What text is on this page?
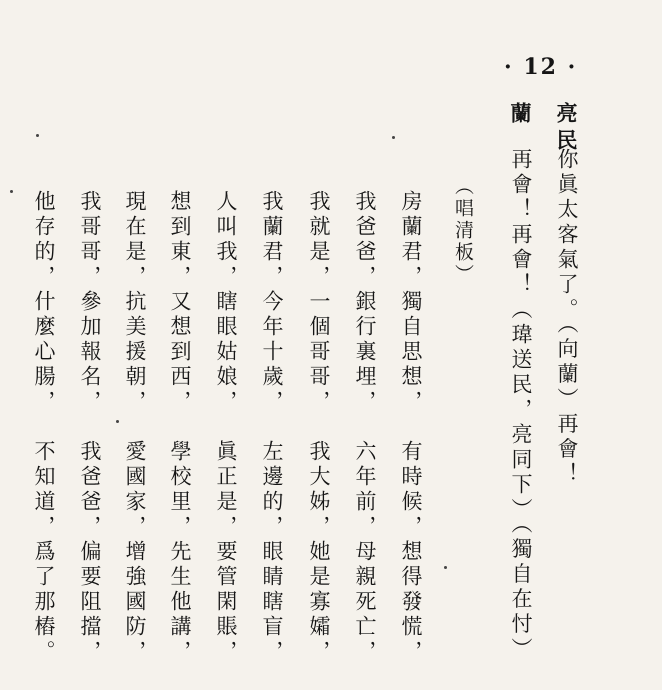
· 12 ·
亮民
你眞太客氣了。（向蘭）再會！
蘭
再會！再會！（瑋送民，亮同下）（獨自在忖）
（唱清板）
房蘭君，獨自思想，
有時候，想得發慌，
我爸爸，銀行裏埋，
六年前，母親死亡，
我就是，一個哥哥，
我大姊，她是寡孀，
我蘭君，今年十歲，
左邊的，眼睛瞎盲，
人叫我，瞎眼姑娘，
眞正是，要管閑賬，
想到東，又想到西，
學校里，先生他講，
現在是，抗美援朝，
愛國家，增強國防，
我哥哥，參加報名，
我爸爸，偏要阻擋，
他存的，什麼心腸，
不知道，爲了那樁。
